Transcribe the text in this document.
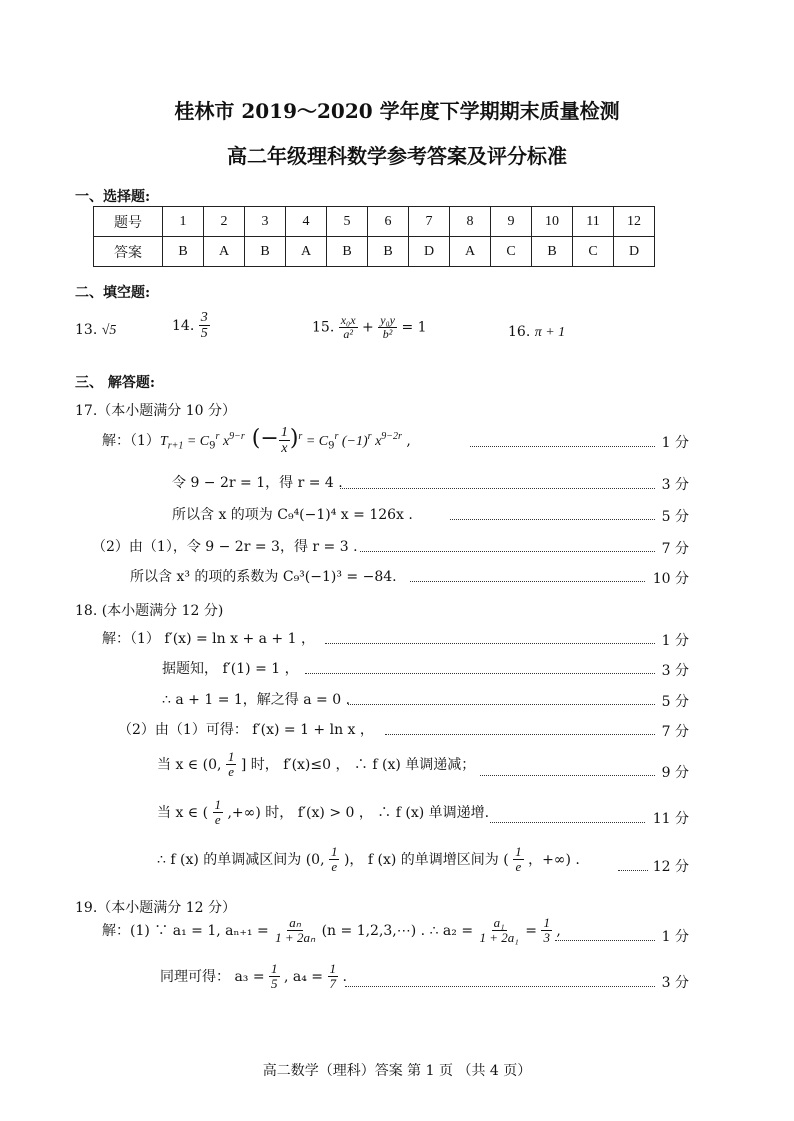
桂林市 2019～2020 学年度下学期期末质量检测
高二年级理科数学参考答案及评分标准
一、选择题:
题号	1	2	3	4	5	6	7	8	9	10	11	12
答案	B	A	B	A	B	B	D	A	C	B	C	D
二、填空题:
13. √5	14. $\frac{3}{5}$	15. $\frac{\text{x₀x}}{\text{a²}} + \frac{\text{y₀y}}{\text{b²}} = 1$	16. π + 1
三、 解答题:
17.（本小题满分 10 分）
解：$(1)T_{r+1} = C_9^r$ $x^{9-r}$ (− $\frac{1}{x} )^r = C_9^r$ $(-1)^r$ $x^{9-2r}$ ,	1 分
令 9 − 2r = 1，得 r = 4 .	3 分
所以含 x 的项为 C₉⁴(−1)⁴ x = 126x .	5 分
（2）由（1），令 9 − 2r = 3，得 r = 3 .	7 分
所以含 x³ 的项的系数为 C₉³(−1)³ = −84.	10 分
18. (本小题满分 12 分)
解：（1） f′(x) = ln x + a + 1 ，	1 分
据题知， f′(1) = 1 ，	3 分
∴ a + 1 = 1，解之得 a = 0 .	5 分
（2）由（1）可得： f′(x) = 1 + ln x ，	7 分
当 x ∈ (0, $\frac{1}{e}$ ] 时， f′(x)≤0 ， ∴ f (x) 单调递减；
9 分
当 x ∈ ( $\frac{1}{e}$ ,+∞) 时， f′(x) > 0 ， ∴ f (x) 单调递增.	11 分
∴ f (x) 的单调减区间为 (0, $\frac{1}{e}$ )， f (x) 的单调增区间为 ( $\frac{1}{e}$ ，+∞) .	12 分
19.（本小题满分 12 分）
解：(1) ∵ a₁ = 1, $a_{n+1} = \frac{\text{aₙ}}{\text{1 + 2aₙ}} (n$ = 1,2,3,⋯) . ∴ $a_2 = \frac{\text{a₁}}{\text{1 + 2a₁}} = \frac{1}{3}$ ,	1 分
同理可得： $a_3 = \frac{1}{5}$ , $a_4 = \frac{1}{7}$ .	3 分
高二数学（理科）答案 第 1 页 （共 4 页）
